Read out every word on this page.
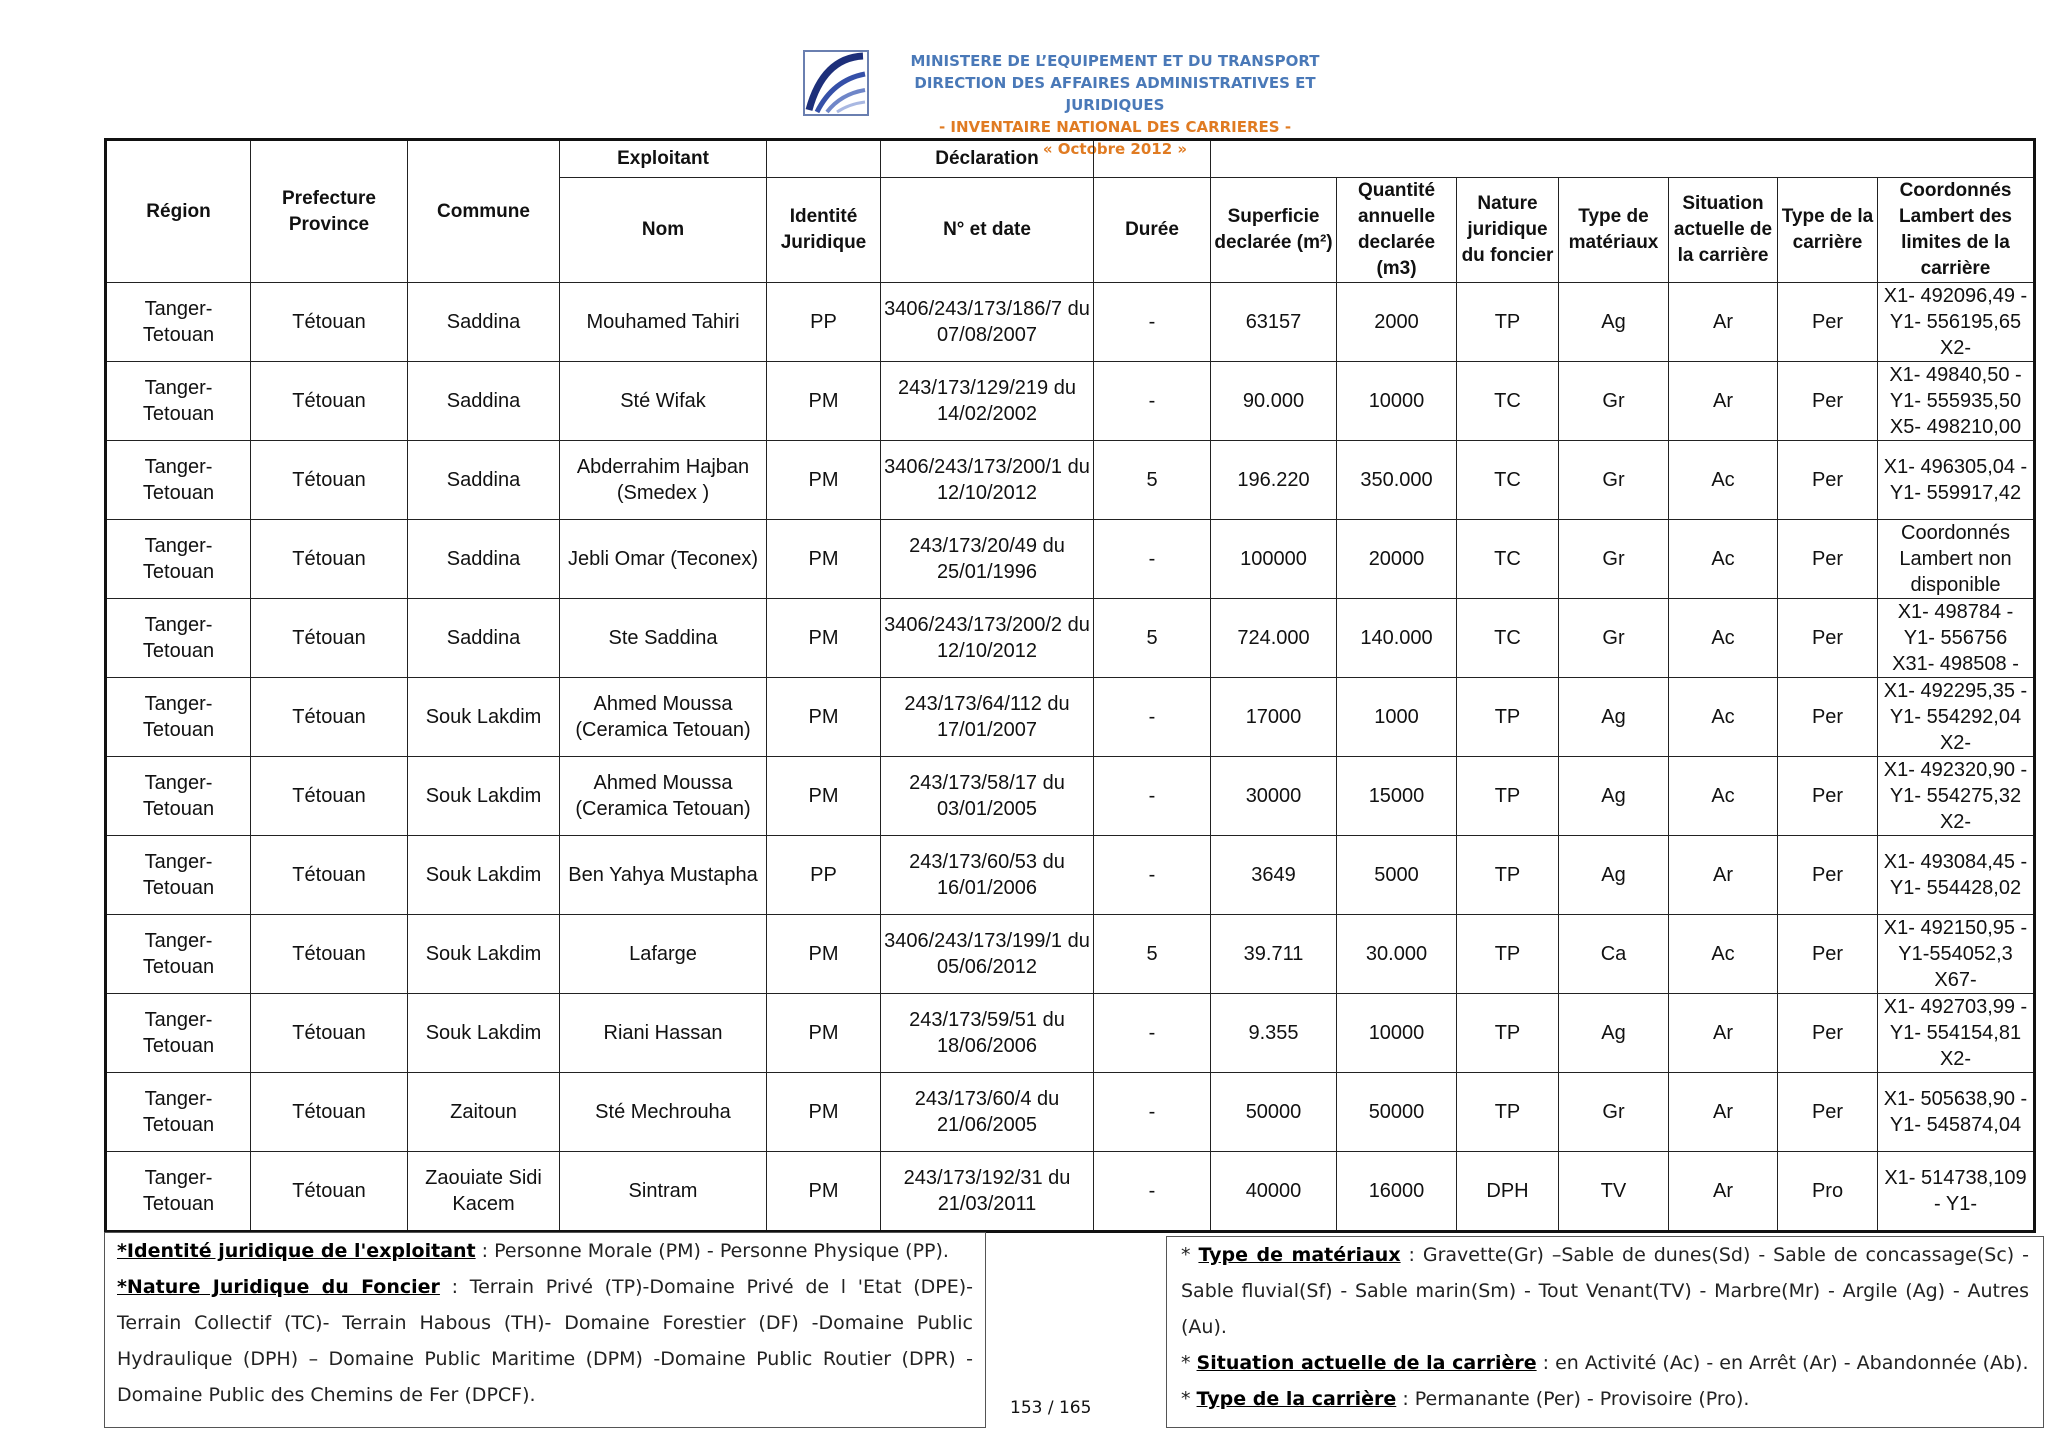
MINISTERE DE L’EQUIPEMENT ET DU TRANSPORT
DIRECTION DES AFFAIRES ADMINISTRATIVES ET JURIDIQUES
- INVENTAIRE NATIONAL DES CARRIERES -
« Octobre 2012 »
Région	Prefecture Province	Commune	Exploitant		Déclaration								
			Nom	Identité Juridique	N° et date	Durée	Superficie declarée (m²)	Quantité annuelle declarée (m3)	Nature juridique du foncier	Type de matériaux	Situation actuelle de la carrière	Type de la carrière	Coordonnés Lambert des limites de la carrière
Tanger-Tetouan	Tétouan	Saddina	Mouhamed Tahiri	PP	3406/243/173/186/7 du 07/08/2007	-	63157	2000	TP	Ag	Ar	Per	X1- 492096,49 - Y1- 556195,65 X2-

Tanger-Tetouan	Tétouan	Saddina	Sté Wifak	PM	243/173/129/219 du 14/02/2002	-	90.000	10000	TC	Gr	Ar	Per	X1- 49840,50 - Y1- 555935,50 X5- 498210,00

Tanger-Tetouan	Tétouan	Saddina	Abderrahim Hajban (Smedex )	PM	3406/243/173/200/1 du 12/10/2012	5	196.220	350.000	TC	Gr	Ac	Per	X1- 496305,04 - Y1- 559917,42

Tanger-Tetouan	Tétouan	Saddina	Jebli Omar (Teconex)	PM	243/173/20/49 du 25/01/1996	-	100000	20000	TC	Gr	Ac	Per	Coordonnés Lambert non disponible

Tanger-Tetouan	Tétouan	Saddina	Ste Saddina	PM	3406/243/173/200/2 du 12/10/2012	5	724.000	140.000	TC	Gr	Ac	Per	X1- 498784 - Y1- 556756 X31- 498508 -

Tanger-Tetouan	Tétouan	Souk Lakdim	Ahmed Moussa (Ceramica Tetouan)	PM	243/173/64/112 du 17/01/2007	-	17000	1000	TP	Ag	Ac	Per	X1- 492295,35 - Y1- 554292,04 X2-

Tanger-Tetouan	Tétouan	Souk Lakdim	Ahmed Moussa (Ceramica Tetouan)	PM	243/173/58/17 du 03/01/2005	-	30000	15000	TP	Ag	Ac	Per	X1- 492320,90 - Y1- 554275,32 X2-

Tanger-Tetouan	Tétouan	Souk Lakdim	Ben Yahya Mustapha	PP	243/173/60/53 du 16/01/2006	-	3649	5000	TP	Ag	Ar	Per	X1- 493084,45 - Y1- 554428,02

Tanger-Tetouan	Tétouan	Souk Lakdim	Lafarge	PM	3406/243/173/199/1 du 05/06/2012	5	39.711	30.000	TP	Ca	Ac	Per	X1- 492150,95 - Y1-554052,3 X67-

Tanger-Tetouan	Tétouan	Souk Lakdim	Riani Hassan	PM	243/173/59/51 du 18/06/2006	-	9.355	10000	TP	Ag	Ar	Per	X1- 492703,99 - Y1- 554154,81 X2-

Tanger-Tetouan	Tétouan	Zaitoun	Sté Mechrouha	PM	243/173/60/4 du 21/06/2005	-	50000	50000	TP	Gr	Ar	Per	X1- 505638,90 - Y1- 545874,04

Tanger-Tetouan	Tétouan	Zaouiate Sidi Kacem	Sintram	PM	243/173/192/31 du 21/03/2011	-	40000	16000	DPH	TV	Ar	Pro	X1- 514738,109 - Y1-
*Identité juridique de l'exploitant : Personne Morale (PM) - Personne Physique (PP).
*Nature Juridique du Foncier : Terrain Privé (TP)-Domaine Privé de l 'Etat (DPE)- Terrain Collectif (TC)- Terrain Habous (TH)- Domaine Forestier (DF) -Domaine Public Hydraulique (DPH) – Domaine Public Maritime (DPM) -Domaine Public Routier (DPR) - Domaine Public des Chemins de Fer (DPCF).
* Type de matériaux : Gravette(Gr) –Sable de dunes(Sd) - Sable de concassage(Sc) - Sable fluvial(Sf) - Sable marin(Sm) - Tout Venant(TV) - Marbre(Mr) - Argile (Ag) - Autres (Au).
* Situation actuelle de la carrière : en Activité (Ac) - en Arrêt (Ar) - Abandonnée (Ab).
* Type de la carrière : Permanante (Per) - Provisoire (Pro).
153 / 165
